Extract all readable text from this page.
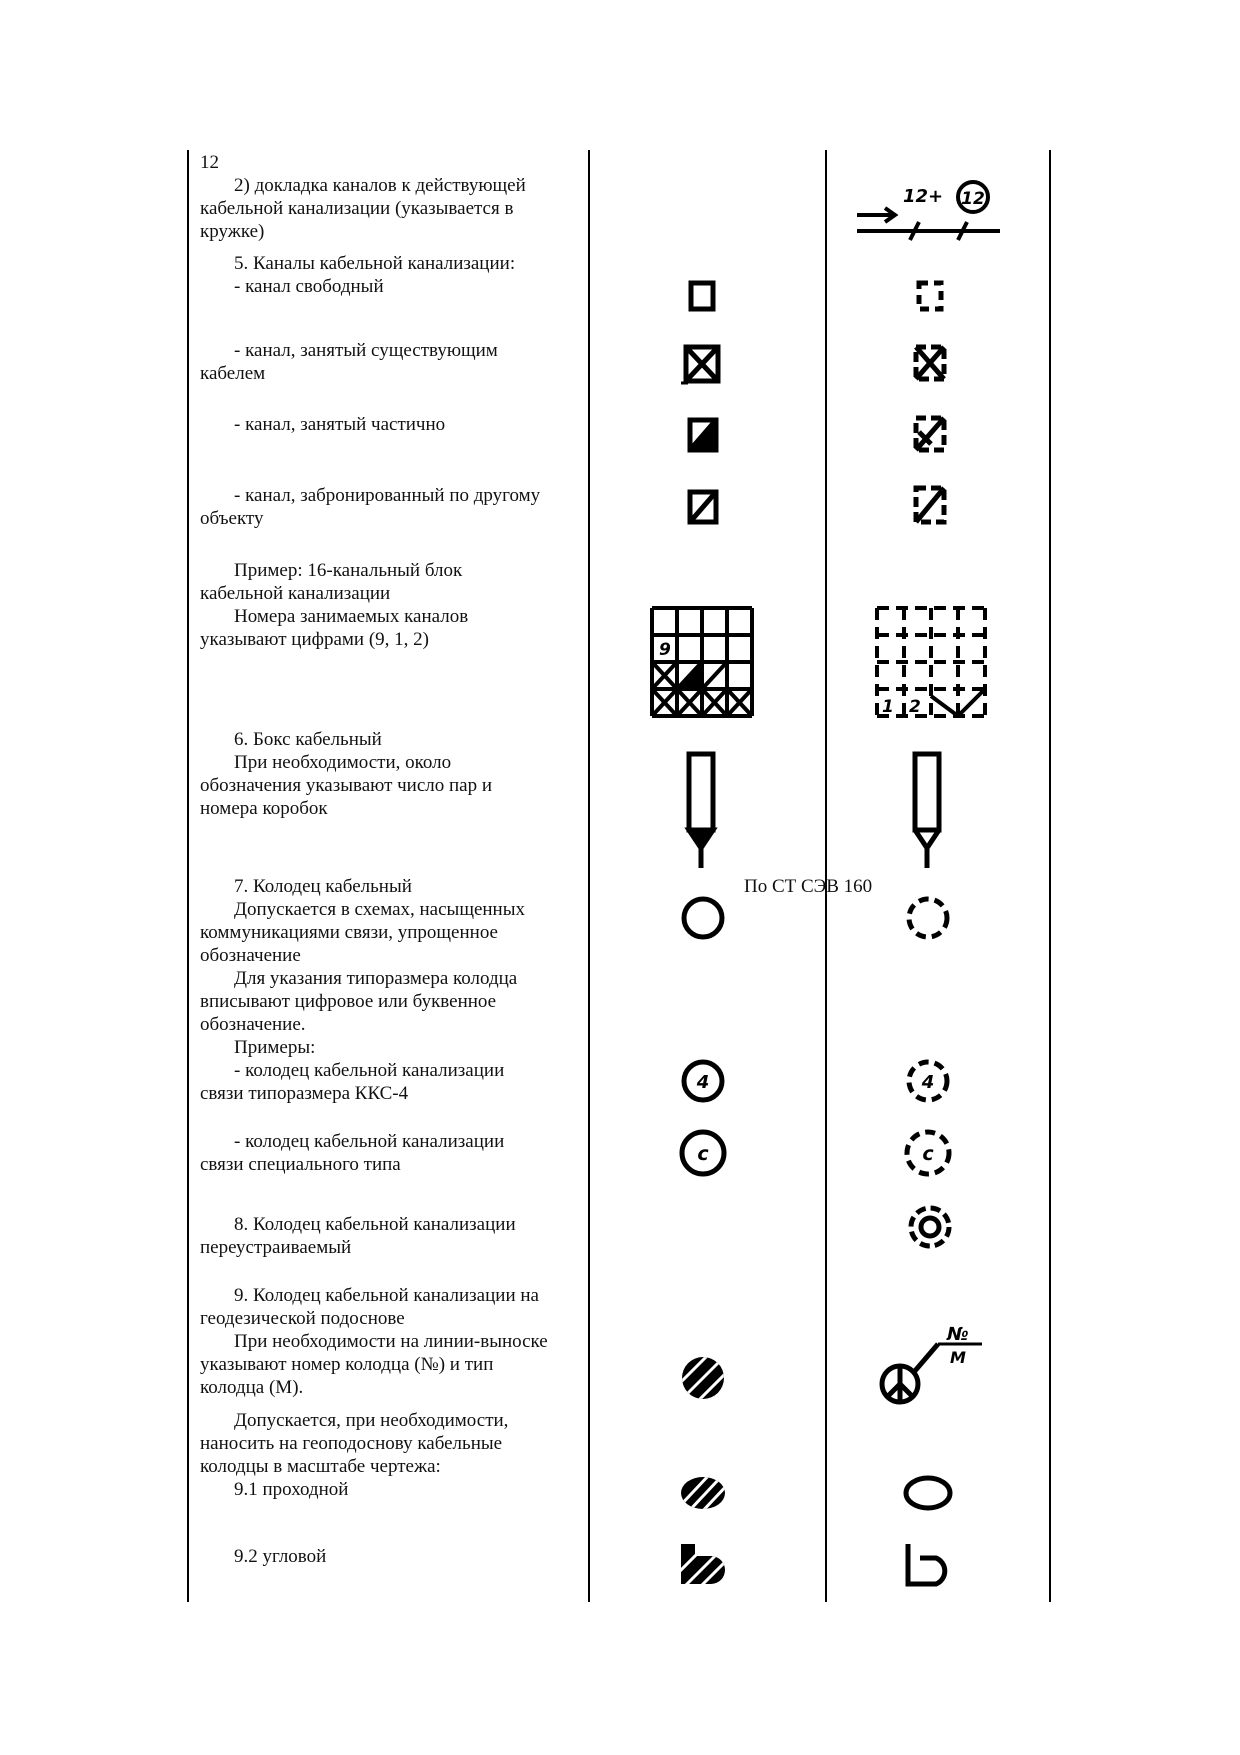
12
2) докладка каналов к действующей
кабельной канализации (указывается в
кружке)
5. Каналы кабельной канализации:
- канал свободный
- канал, занятый существующим
кабелем
- канал, занятый частично
- канал, забронированный по другому
объекту
Пример: 16-канальный блок
кабельной канализации
Номера занимаемых каналов
указывают цифрами (9, 1, 2)
6. Бокс кабельный
При необходимости, около
обозначения указывают число пар и
номера коробок
7. Колодец кабельный
Допускается в схемах, насыщенных
коммуникациями связи, упрощенное
обозначение
Для указания типоразмера колодца
вписывают цифровое или буквенное
обозначение.
Примеры:
- колодец кабельной канализации
связи типоразмера ККС-4
По СТ СЭВ 160
- колодец кабельной канализации
связи специального типа
8. Колодец кабельной канализации
переустраиваемый
9. Колодец кабельной канализации на
геодезической подоснове
При необходимости на линии-выноске
указывают номер колодца (№) и тип
колодца (М).
Допускается, при необходимости,
наносить на геоподоснову кабельные
колодцы в масштабе чертежа:
9.1 проходной
9.2 угловой
12+ 12
9
1 2
4	4
с	с
№
М
